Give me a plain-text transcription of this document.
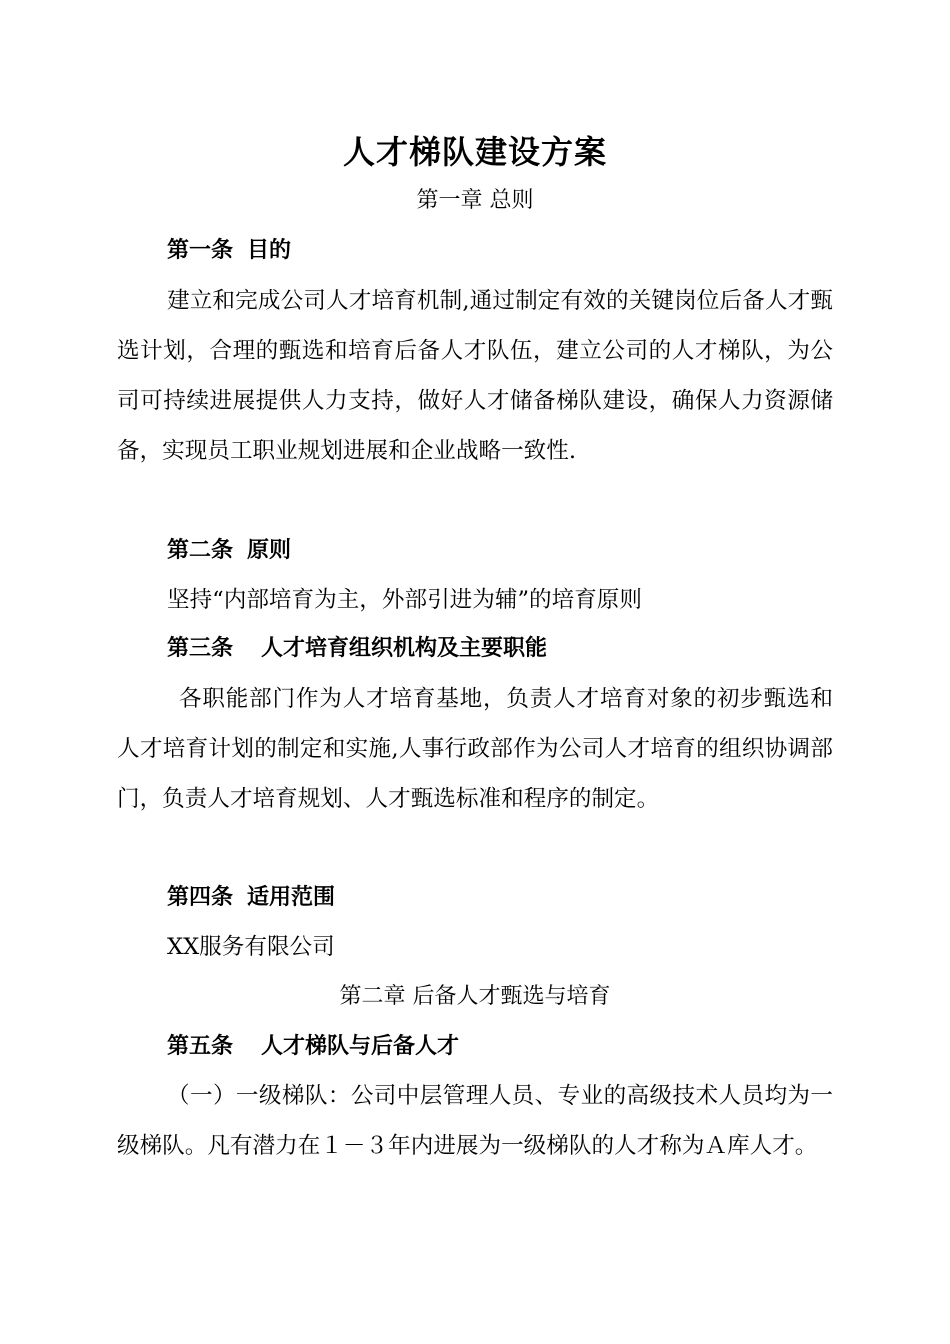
人才梯队建设方案
第一章 总则
第一条 目的
建立和完成公司人才培育机制,通过制定有效的关键岗位后备人才甄选计划，合理的甄选和培育后备人才队伍，建立公司的人才梯队，为公司可持续进展提供人力支持，做好人才储备梯队建设，确保人力资源储备，实现员工职业规划进展和企业战略一致性.
第二条 原则
坚持“内部培育为主，外部引进为辅”的培育原则
第三条 人才培育组织机构及主要职能
各职能部门作为人才培育基地，负责人才培育对象的初步甄选和人才培育计划的制定和实施,人事行政部作为公司人才培育的组织协调部门，负责人才培育规划、人才甄选标准和程序的制定。
第四条 适用范围
XX服务有限公司
第二章 后备人才甄选与培育
第五条 人才梯队与后备人才
（一）一级梯队：公司中层管理人员、专业的高级技术人员均为一级梯队。凡有潜力在１－３年内进展为一级梯队的人才称为Ａ库人才。
